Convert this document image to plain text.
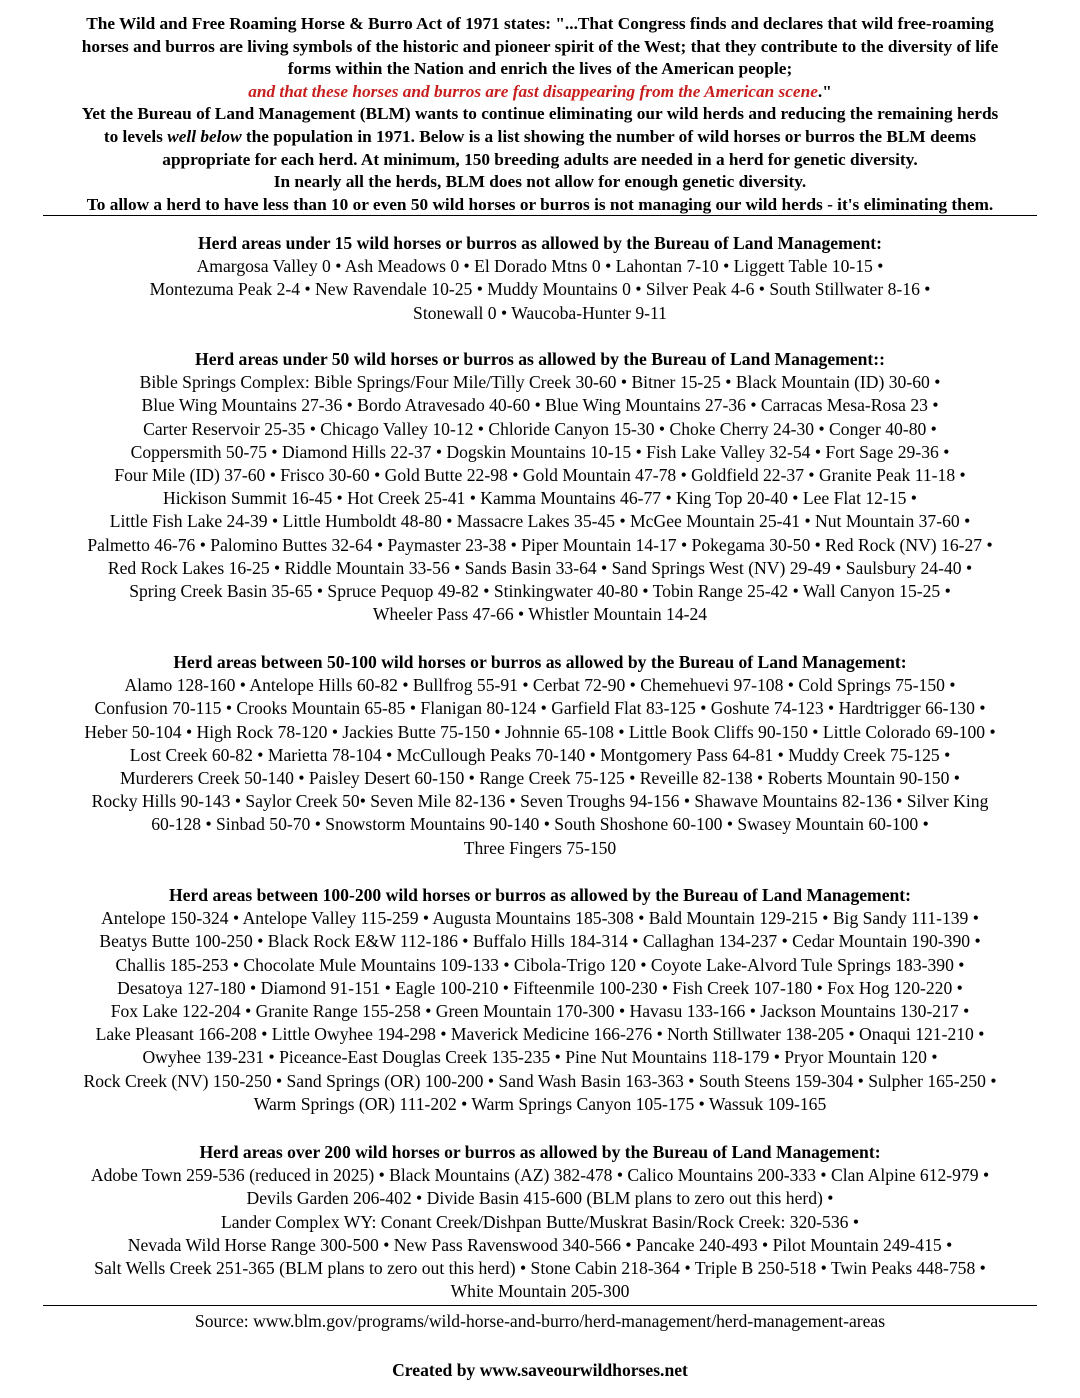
The Wild and Free Roaming Horse & Burro Act of 1971 states: "...That Congress finds and declares that wild free-roaming
horses and burros are living symbols of the historic and pioneer spirit of the West; that they contribute to the diversity of life
forms within the Nation and enrich the lives of the American people;
and that these horses and burros are fast disappearing from the American scene."
Yet the Bureau of Land Management (BLM) wants to continue eliminating our wild herds and reducing the remaining herds
to levels well below the population in 1971. Below is a list showing the number of wild horses or burros the BLM deems
appropriate for each herd. At minimum, 150 breeding adults are needed in a herd for genetic diversity.
In nearly all the herds, BLM does not allow for enough genetic diversity.
To allow a herd to have less than 10 or even 50 wild horses or burros is not managing our wild herds - it's eliminating them.
Herd areas under 15 wild horses or burros as allowed by the Bureau of Land Management:
Amargosa Valley 0 • Ash Meadows 0 • El Dorado Mtns 0 • Lahontan 7-10 • Liggett Table 10-15 •
Montezuma Peak 2-4 • New Ravendale 10-25 • Muddy Mountains 0 • Silver Peak 4-6 • South Stillwater 8-16 •
Stonewall 0 • Waucoba-Hunter 9-11
Herd areas under 50 wild horses or burros as allowed by the Bureau of Land Management::
Bible Springs Complex: Bible Springs/Four Mile/Tilly Creek 30-60 • Bitner 15-25 • Black Mountain (ID) 30-60 •
Blue Wing Mountains 27-36 • Bordo Atravesado 40-60 • Blue Wing Mountains 27-36 • Carracas Mesa-Rosa 23 •
Carter Reservoir 25-35 • Chicago Valley 10-12 • Chloride Canyon 15-30 • Choke Cherry 24-30 • Conger 40-80 •
Coppersmith 50-75 • Diamond Hills 22-37 • Dogskin Mountains 10-15 • Fish Lake Valley 32-54 • Fort Sage 29-36 •
Four Mile (ID) 37-60 • Frisco 30-60 • Gold Butte 22-98 • Gold Mountain 47-78 • Goldfield 22-37 • Granite Peak 11-18 •
Hickison Summit 16-45 • Hot Creek 25-41 • Kamma Mountains 46-77 • King Top 20-40 • Lee Flat 12-15 •
Little Fish Lake 24-39 • Little Humboldt 48-80 • Massacre Lakes 35-45 • McGee Mountain 25-41 • Nut Mountain 37-60 •
Palmetto 46-76 • Palomino Buttes 32-64 • Paymaster 23-38 • Piper Mountain 14-17 • Pokegama 30-50 • Red Rock (NV) 16-27 •
Red Rock Lakes 16-25 • Riddle Mountain 33-56 • Sands Basin 33-64 • Sand Springs West (NV) 29-49 • Saulsbury 24-40 •
Spring Creek Basin 35-65 • Spruce Pequop 49-82 • Stinkingwater 40-80 • Tobin Range 25-42 • Wall Canyon 15-25 •
Wheeler Pass 47-66 • Whistler Mountain 14-24
Herd areas between 50-100 wild horses or burros as allowed by the Bureau of Land Management:
Alamo 128-160 • Antelope Hills 60-82 • Bullfrog 55-91 • Cerbat 72-90 • Chemehuevi 97-108 • Cold Springs 75-150 •
Confusion 70-115 • Crooks Mountain 65-85 • Flanigan 80-124 • Garfield Flat 83-125 • Goshute 74-123 • Hardtrigger 66-130 •
Heber 50-104 • High Rock 78-120 • Jackies Butte 75-150 • Johnnie 65-108 • Little Book Cliffs 90-150 • Little Colorado 69-100 •
Lost Creek 60-82 • Marietta 78-104 • McCullough Peaks 70-140 • Montgomery Pass 64-81 • Muddy Creek 75-125 •
Murderers Creek 50-140 • Paisley Desert 60-150 • Range Creek 75-125 • Reveille 82-138 • Roberts Mountain 90-150 •
Rocky Hills 90-143 • Saylor Creek 50• Seven Mile 82-136 • Seven Troughs 94-156 • Shawave Mountains 82-136 • Silver King
60-128 • Sinbad 50-70 • Snowstorm Mountains 90-140 • South Shoshone 60-100 • Swasey Mountain 60-100 •
Three Fingers 75-150
Herd areas between 100-200 wild horses or burros as allowed by the Bureau of Land Management:
Antelope 150-324 • Antelope Valley 115-259 • Augusta Mountains 185-308 • Bald Mountain 129-215 • Big Sandy 111-139 •
Beatys Butte 100-250 • Black Rock E&W 112-186 • Buffalo Hills 184-314 • Callaghan 134-237 • Cedar Mountain 190-390 •
Challis 185-253 • Chocolate Mule Mountains 109-133 • Cibola-Trigo 120 • Coyote Lake-Alvord Tule Springs 183-390 •
Desatoya 127-180 • Diamond 91-151 • Eagle 100-210 • Fifteenmile 100-230 • Fish Creek 107-180 • Fox Hog 120-220 •
Fox Lake 122-204 • Granite Range 155-258 • Green Mountain 170-300 • Havasu 133-166 • Jackson Mountains 130-217 •
Lake Pleasant 166-208 • Little Owyhee 194-298 • Maverick Medicine 166-276 • North Stillwater 138-205 • Onaqui 121-210 •
Owyhee 139-231 • Piceance-East Douglas Creek 135-235 • Pine Nut Mountains 118-179 • Pryor Mountain 120 •
Rock Creek (NV) 150-250 • Sand Springs (OR) 100-200 • Sand Wash Basin 163-363 • South Steens 159-304 • Sulpher 165-250 •
Warm Springs (OR) 111-202 • Warm Springs Canyon 105-175 • Wassuk 109-165
Herd areas over 200 wild horses or burros as allowed by the Bureau of Land Management:
Adobe Town 259-536 (reduced in 2025) • Black Mountains (AZ) 382-478 • Calico Mountains 200-333 • Clan Alpine 612-979 •
Devils Garden 206-402 • Divide Basin 415-600 (BLM plans to zero out this herd) •
Lander Complex WY: Conant Creek/Dishpan Butte/Muskrat Basin/Rock Creek: 320-536 •
Nevada Wild Horse Range 300-500 • New Pass Ravenswood 340-566 • Pancake 240-493 • Pilot Mountain 249-415 •
Salt Wells Creek 251-365 (BLM plans to zero out this herd) • Stone Cabin 218-364 • Triple B 250-518 • Twin Peaks 448-758 •
White Mountain 205-300
Source: www.blm.gov/programs/wild-horse-and-burro/herd-management/herd-management-areas
Created by www.saveourwildhorses.net
